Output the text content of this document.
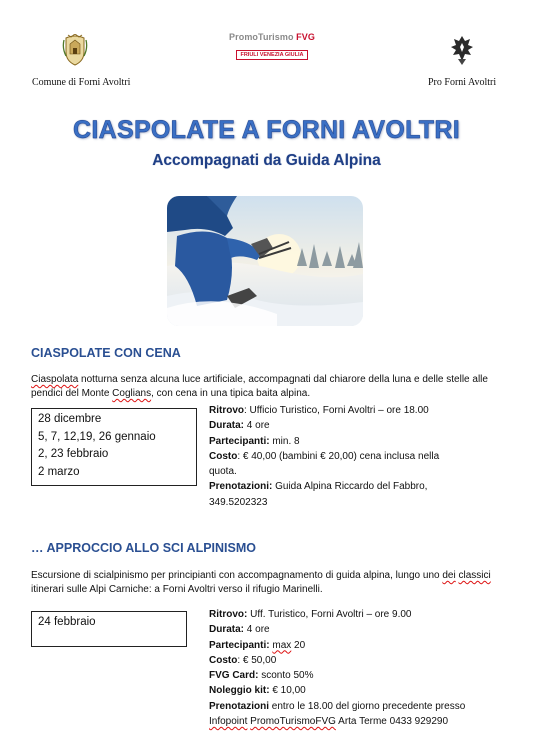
Comune di Forni Avoltri
PromoTurismo FVG
FRIULI VENEZIA GIULIA
Pro Forni Avoltri
CIASPOLATE A FORNI AVOLTRI
Accompagnati da Guida Alpina
CIASPOLATE CON CENA
Ciaspolata notturna senza alcuna luce artificiale, accompagnati dal chiarore della luna e delle stelle alle pendici del Monte Coglians, con cena in una tipica baita alpina.
28 dicembre
5, 7, 12,19, 26 gennaio
2, 23 febbraio
2 marzo
Ritrovo: Ufficio Turistico, Forni Avoltri – ore 18.00
Durata: 4 ore
Partecipanti: min. 8
Costo: € 40,00 (bambini € 20,00) cena inclusa nella
quota.
Prenotazioni: Guida Alpina Riccardo del Fabbro,
349.5202323
… APPROCCIO ALLO SCI ALPINISMO
Escursione di scialpinismo per principianti con accompagnamento di guida alpina, lungo uno dei classici itinerari sulle Alpi Carniche: a Forni Avoltri verso il rifugio Marinelli.
24 febbraio
Ritrovo: Uff. Turistico, Forni Avoltri – ore 9.00
Durata: 4 ore
Partecipanti: max 20
Costo: € 50,00
FVG Card: sconto 50%
Noleggio kit: € 10,00
Prenotazioni entro le 18.00 del giorno precedente presso
Infopoint PromoTurismoFVG Arta Terme 0433 929290
